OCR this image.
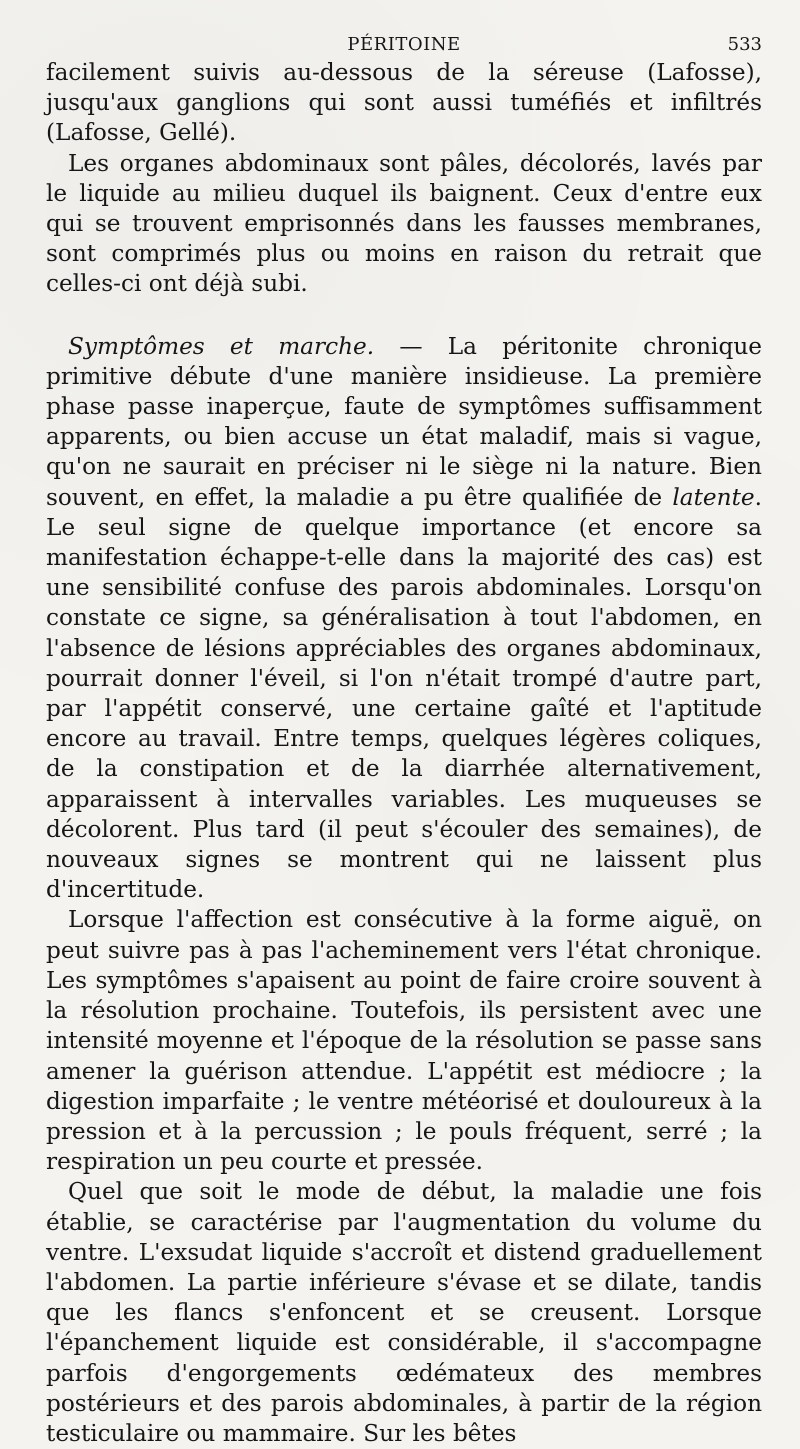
PÉRITOINE	533

facilement suivis au-dessous de la séreuse (Lafosse), jusqu'aux ganglions qui sont aussi tuméfiés et infiltrés (Lafosse, Gellé).

Les organes abdominaux sont pâles, décolorés, lavés par le liquide au milieu duquel ils baignent. Ceux d'entre eux qui se trouvent emprisonnés dans les fausses membranes, sont comprimés plus ou moins en raison du retrait que celles-ci ont déjà subi.

Symptômes et marche. — La péritonite chronique primitive débute d'une manière insidieuse. La première phase passe inaperçue, faute de symptômes suffisamment apparents, ou bien accuse un état maladif, mais si vague, qu'on ne saurait en préciser ni le siège ni la nature. Bien souvent, en effet, la maladie a pu être qualifiée de latente. Le seul signe de quelque importance (et encore sa manifestation échappe-t-elle dans la majorité des cas) est une sensibilité confuse des parois abdominales. Lorsqu'on constate ce signe, sa généralisation à tout l'abdomen, en l'absence de lésions appréciables des organes abdominaux, pourrait donner l'éveil, si l'on n'était trompé d'autre part, par l'appétit conservé, une certaine gaîté et l'aptitude encore au travail. Entre temps, quelques légères coliques, de la constipation et de la diarrhée alternativement, apparaissent à intervalles variables. Les muqueuses se décolorent. Plus tard (il peut s'écouler des semaines), de nouveaux signes se montrent qui ne laissent plus d'incertitude.

Lorsque l'affection est consécutive à la forme aiguë, on peut suivre pas à pas l'acheminement vers l'état chronique. Les symptômes s'apaisent au point de faire croire souvent à la résolution prochaine. Toutefois, ils persistent avec une intensité moyenne et l'époque de la résolution se passe sans amener la guérison attendue. L'appétit est médiocre ; la digestion imparfaite ; le ventre météorisé et douloureux à la pression et à la percussion ; le pouls fréquent, serré ; la respiration un peu courte et pressée.

Quel que soit le mode de début, la maladie une fois établie, se caractérise par l'augmentation du volume du ventre. L'exsudat liquide s'accroît et distend graduellement l'abdomen. La partie inférieure s'évase et se dilate, tandis que les flancs s'enfoncent et se creusent. Lorsque l'épanchement liquide est considérable, il s'accompagne parfois d'engorgements œdémateux des membres postérieurs et des parois abdominales, à partir de la région testiculaire ou mammaire. Sur les bêtes
